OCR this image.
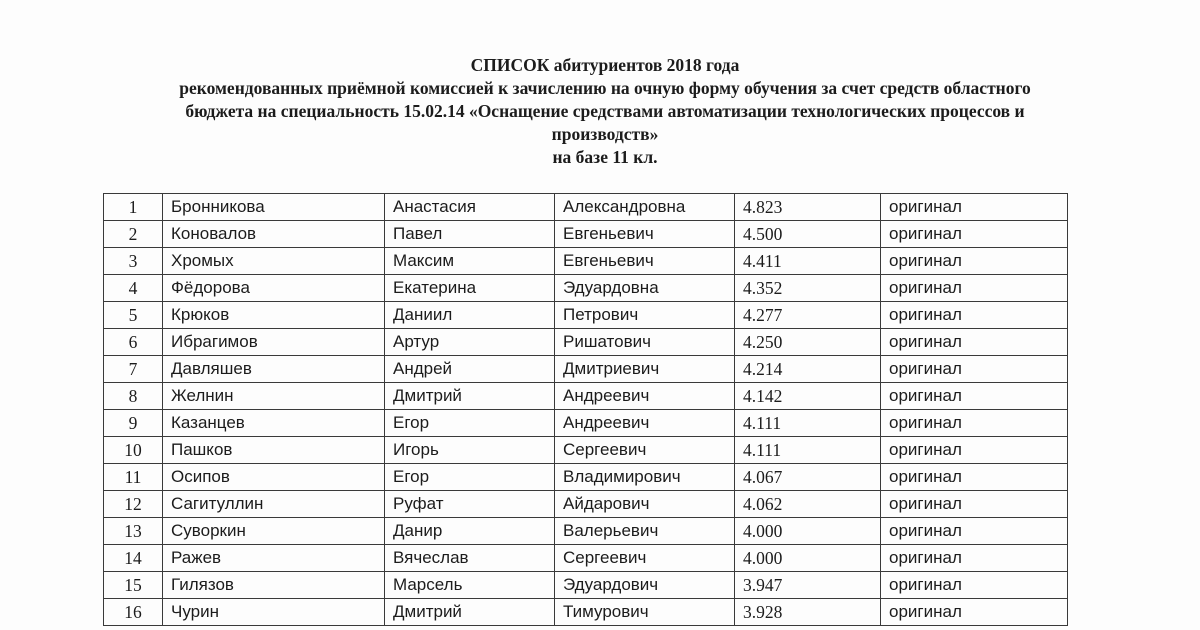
СПИСОК абитуриентов 2018 года
рекомендованных приёмной комиссией к зачислению на очную форму обучения за счет средств областного
бюджета на специальность 15.02.14 «Оснащение средствами автоматизации технологических процессов и
производств»
на базе 11 кл.
1	Бронникова	Анастасия	Александровна	4.823	оригинал
2	Коновалов	Павел	Евгеньевич	4.500	оригинал
3	Хромых	Максим	Евгеньевич	4.411	оригинал
4	Фёдорова	Екатерина	Эдуардовна	4.352	оригинал
5	Крюков	Даниил	Петрович	4.277	оригинал
6	Ибрагимов	Артур	Ришатович	4.250	оригинал
7	Давляшев	Андрей	Дмитриевич	4.214	оригинал
8	Желнин	Дмитрий	Андреевич	4.142	оригинал
9	Казанцев	Егор	Андреевич	4.111	оригинал
10	Пашков	Игорь	Сергеевич	4.111	оригинал
11	Осипов	Егор	Владимирович	4.067	оригинал
12	Сагитуллин	Руфат	Айдарович	4.062	оригинал
13	Суворкин	Данир	Валерьевич	4.000	оригинал
14	Ражев	Вячеслав	Сергеевич	4.000	оригинал
15	Гилязов	Марсель	Эдуардович	3.947	оригинал
16	Чурин	Дмитрий	Тимурович	3.928	оригинал
